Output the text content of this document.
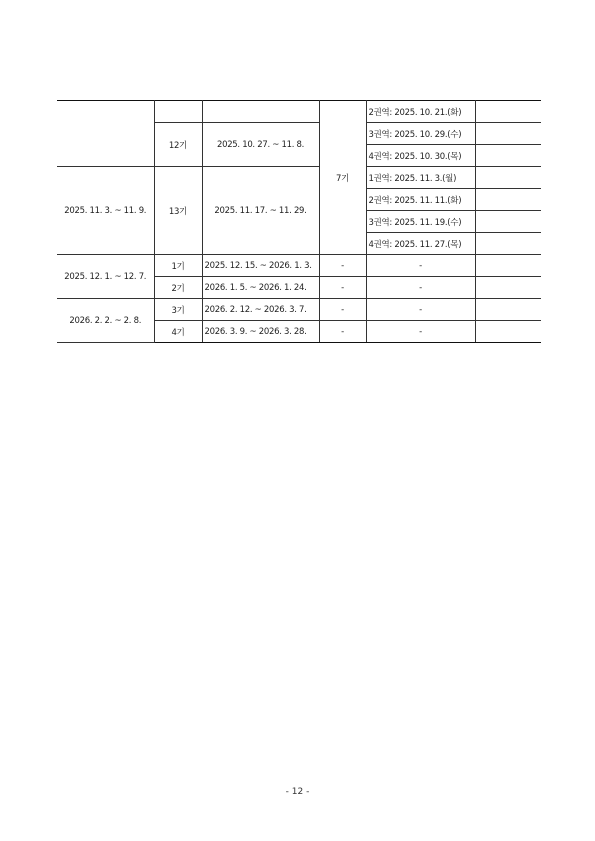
			7기	2권역: 2025. 10. 21.(화)	
	12기	2025. 10. 27. ~ 11. 8.		3권역: 2025. 10. 29.(수)	
				4권역: 2025. 10. 30.(목)	
2025. 11. 3. ~ 11. 9.	13기	2025. 11. 17. ~ 11. 29.		1권역: 2025. 11. 3.(월)	
				2권역: 2025. 11. 11.(화)	
				3권역: 2025. 11. 19.(수)	
				4권역: 2025. 11. 27.(목)	
2025. 12. 1. ~ 12. 7.	1기	2025. 12. 15. ~ 2026. 1. 3.	-	-	
	2기	2026. 1. 5. ~ 2026. 1. 24.	-	-	
2026. 2. 2. ~ 2. 8.	3기	2026. 2. 12. ~ 2026. 3. 7.	-	-	
	4기	2026. 3. 9. ~ 2026. 3. 28.	-	-	
- 12 -
